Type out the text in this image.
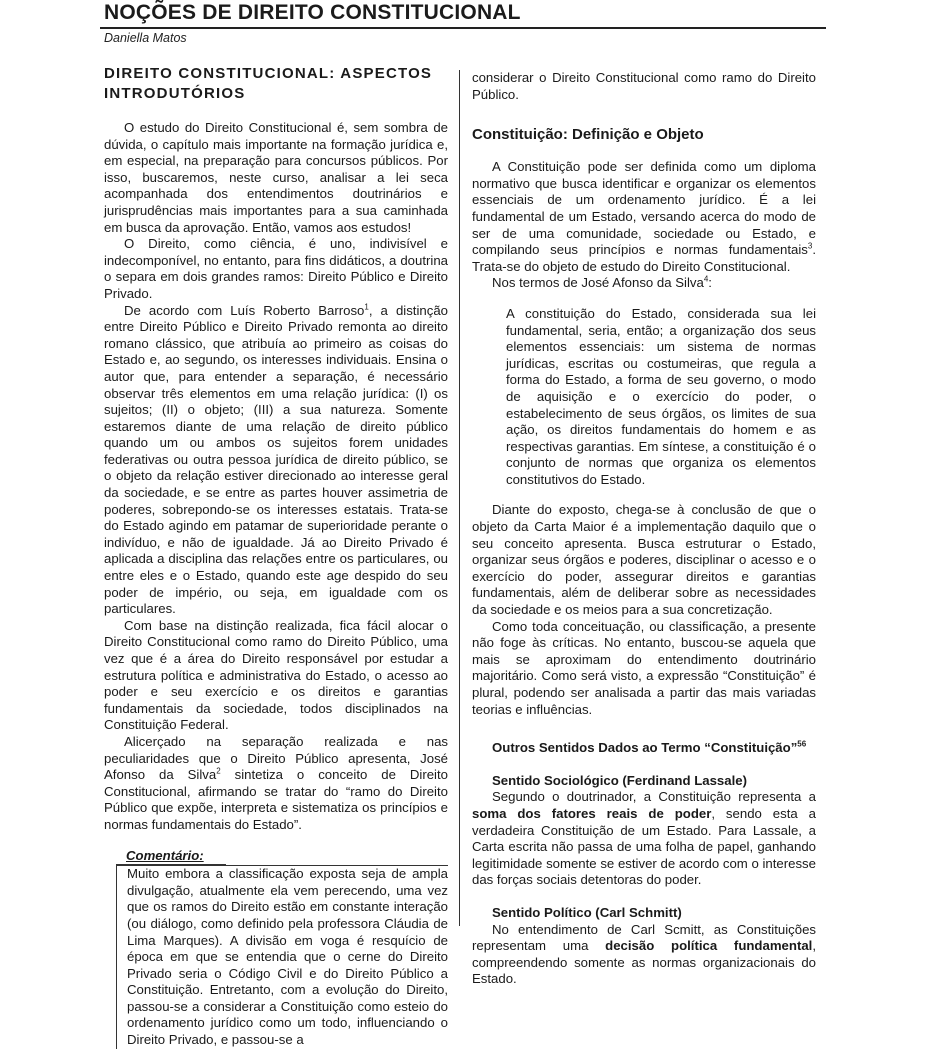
NOÇÕES DE DIREITO CONSTITUCIONAL
Daniella Matos
DIREITO CONSTITUCIONAL: ASPECTOS INTRODUTÓRIOS

O estudo do Direito Constitucional é, sem sombra de dúvida, o capítulo mais importante na formação jurídica e, em especial, na preparação para concursos públicos. Por isso, buscaremos, neste curso, analisar a lei seca acompanhada dos entendimentos doutrinários e jurisprudências mais importantes para a sua caminhada em busca da aprovação. Então, vamos aos estudos!

O Direito, como ciência, é uno, indivisível e indecomponível, no entanto, para fins didáticos, a doutrina o separa em dois grandes ramos: Direito Público e Direito Privado.

De acordo com Luís Roberto Barroso$^1$, a distinção entre Direito Público e Direito Privado remonta ao direito romano clássico, que atribuía ao primeiro as coisas do Estado e, ao segundo, os interesses individuais. Ensina o autor que, para entender a separação, é necessário observar três elementos em uma relação jurídica: (I) os sujeitos; (II) o objeto; (III) a sua natureza. Somente estaremos diante de uma relação de direito público quando um ou ambos os sujeitos forem unidades federativas ou outra pessoa jurídica de direito público, se o objeto da relação estiver direcionado ao interesse geral da sociedade, e se entre as partes houver assimetria de poderes, sobrepondo-se os interesses estatais. Trata-se do Estado agindo em patamar de superioridade perante o indivíduo, e não de igualdade. Já ao Direito Privado é aplicada a disciplina das relações entre os particulares, ou entre eles e o Estado, quando este age despido do seu poder de império, ou seja, em igualdade com os particulares.

Com base na distinção realizada, fica fácil alocar o Direito Constitucional como ramo do Direito Público, uma vez que é a área do Direito responsável por estudar a estrutura política e administrativa do Estado, o acesso ao poder e seu exercício e os direitos e garantias fundamentais da sociedade, todos disciplinados na Constituição Federal.

Alicerçado na separação realizada e nas peculiaridades que o Direito Público apresenta, José Afonso da Silva$^2$ sintetiza o conceito de Direito Constitucional, afirmando se tratar do “ramo do Direito Público que expõe, interpreta e sistematiza os princípios e normas fundamentais do Estado”.

Comentário:
Muito embora a classificação exposta seja de ampla divulgação, atualmente ela vem perecendo, uma vez que os ramos do Direito estão em constante interação (ou diálogo, como definido pela professora Cláudia de Lima Marques). A divisão em voga é resquício de época em que se entendia que o cerne do Direito Privado seria o Código Civil e do Direito Público a Constituição. Entretanto, com a evolução do Direito, passou-se a considerar a Constituição como esteio do ordenamento jurídico como um todo, influenciando o Direito Privado, e passou-se a

considerar o Direito Constitucional como ramo do Direito Público.

Constituição: Definição e Objeto

A Constituição pode ser definida como um diploma normativo que busca identificar e organizar os elementos essenciais de um ordenamento jurídico. É a lei fundamental de um Estado, versando acerca do modo de ser de uma comunidade, sociedade ou Estado, e compilando seus princípios e normas fundamentais$^3$. Trata-se do objeto de estudo do Direito Constitucional.

Nos termos de José Afonso da Silva$^4$:

A constituição do Estado, considerada sua lei fundamental, seria, então; a organização dos seus elementos essenciais: um sistema de normas jurídicas, escritas ou costumeiras, que regula a forma do Estado, a forma de seu governo, o modo de aquisição e o exercício do poder, o estabelecimento de seus órgãos, os limites de sua ação, os direitos fundamentais do homem e as respectivas garantias. Em síntese, a constituição é o conjunto de normas que organiza os elementos constitutivos do Estado.

Diante do exposto, chega-se à conclusão de que o objeto da Carta Maior é a implementação daquilo que o seu conceito apresenta. Busca estruturar o Estado, organizar seus órgãos e poderes, disciplinar o acesso e o exercício do poder, assegurar direitos e garantias fundamentais, além de deliberar sobre as necessidades da sociedade e os meios para a sua concretização.

Como toda conceituação, ou classificação, a presente não foge às críticas. No entanto, buscou-se aquela que mais se aproximam do entendimento doutrinário majoritário. Como será visto, a expressão “Constituição” é plural, podendo ser analisada a partir das mais variadas teorias e influências.

Outros Sentidos Dados ao Termo “Constituição”$^{56}$

Sentido Sociológico (Ferdinand Lassale)

Segundo o doutrinador, a Constituição representa a soma dos fatores reais de poder, sendo esta a verdadeira Constituição de um Estado. Para Lassale, a Carta escrita não passa de uma folha de papel, ganhando legitimidade somente se estiver de acordo com o interesse das forças sociais detentoras do poder.

Sentido Político (Carl Schmitt)

No entendimento de Carl Scmitt, as Constituições representam uma decisão política fundamental, compreendendo somente as normas organizacionais do Estado.
